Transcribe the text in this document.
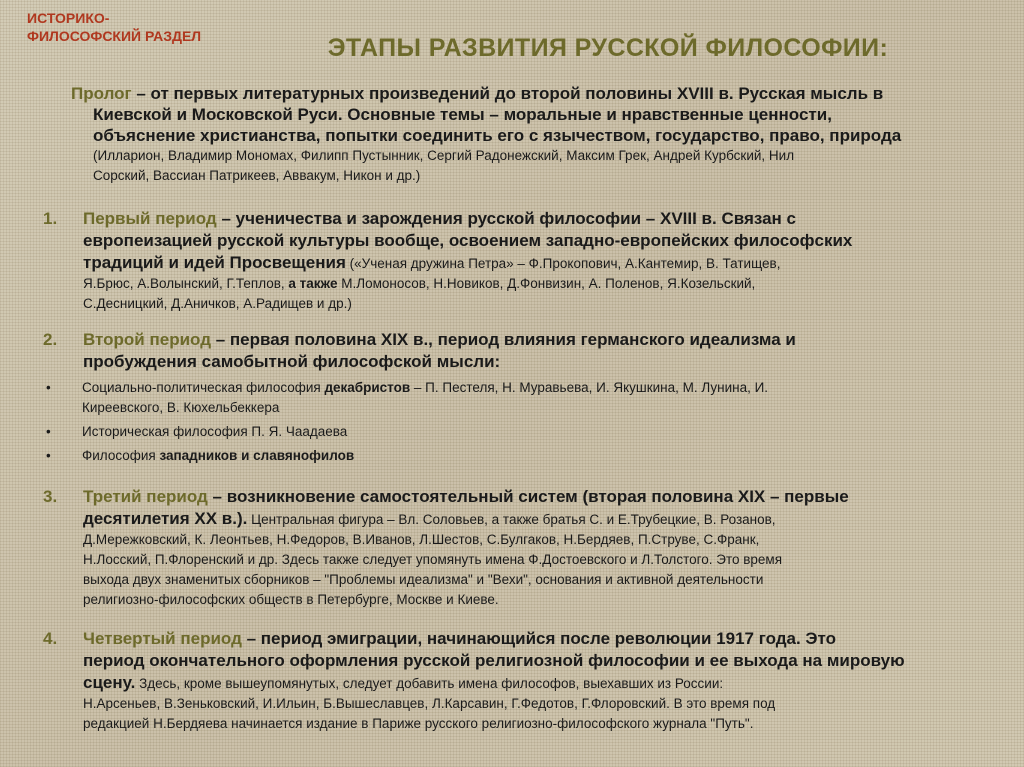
ИСТОРИКО-
ФИЛОСОФСКИЙ РАЗДЕЛ	ЭТАПЫ РАЗВИТИЯ РУССКОЙ ФИЛОСОФИИ:
Пролог – от первых литературных произведений до второй половины XVIII в. Русская мысль в
Киевской и Московской Руси. Основные темы – моральные и нравственные ценности,
объяснение христианства, попытки соединить его с язычеством, государство, право, природа
(Илларион, Владимир Мономах, Филипп Пустынник, Сергий Радонежский, Максим Грек, Андрей Курбский, Нил
Сорский, Вассиан Патрикеев, Аввакум, Никон и др.)
1.	Первый период – ученичества и зарождения русской философии – XVIII в. Связан с
европеизацией русской культуры вообще, освоением западно-европейских философских
традиций и идей Просвещения («Ученая дружина Петра» – Ф.Прокопович, А.Кантемир, В. Татищев,
Я.Брюс, А.Волынский, Г.Теплов, а также М.Ломоносов, Н.Новиков, Д.Фонвизин, А. Поленов, Я.Козельский,
С.Десницкий, Д.Аничков, А.Радищев и др.)
2.	Второй период – первая половина XIX в., период влияния германского идеализма и
пробуждения самобытной философской мысли:
• Социально-политическая философия декабристов – П. Пестеля, Н. Муравьева, И. Якушкина, М. Лунина, И.
Киреевского, В. Кюхельбеккера
• Историческая философия П. Я. Чаадаева
• Философия западников и славянофилов
3.	Третий период – возникновение самостоятельный систем (вторая половина XIX – первые
десятилетия XX в.). Центральная фигура – Вл. Соловьев, а также братья С. и Е.Трубецкие, В. Розанов,
Д.Мережковский, К. Леонтьев, Н.Федоров, В.Иванов, Л.Шестов, С.Булгаков, Н.Бердяев, П.Струве, С.Франк,
Н.Лосский, П.Флоренский и др. Здесь также следует упомянуть имена Ф.Достоевского и Л.Толстого. Это время
выхода двух знаменитых сборников – "Проблемы идеализма" и "Вехи", основания и активной деятельности
религиозно-философских обществ в Петербурге, Москве и Киеве.
4.	Четвертый период – период эмиграции, начинающийся после революции 1917 года. Это
период окончательного оформления русской религиозной философии и ее выхода на мировую
сцену. Здесь, кроме вышеупомянутых, следует добавить имена философов, выехавших из России:
Н.Арсеньев, В.Зеньковский, И.Ильин, Б.Вышеславцев, Л.Карсавин, Г.Федотов, Г.Флоровский. В это время под
редакцией Н.Бердяева начинается издание в Париже русского религиозно-философского журнала "Путь".
